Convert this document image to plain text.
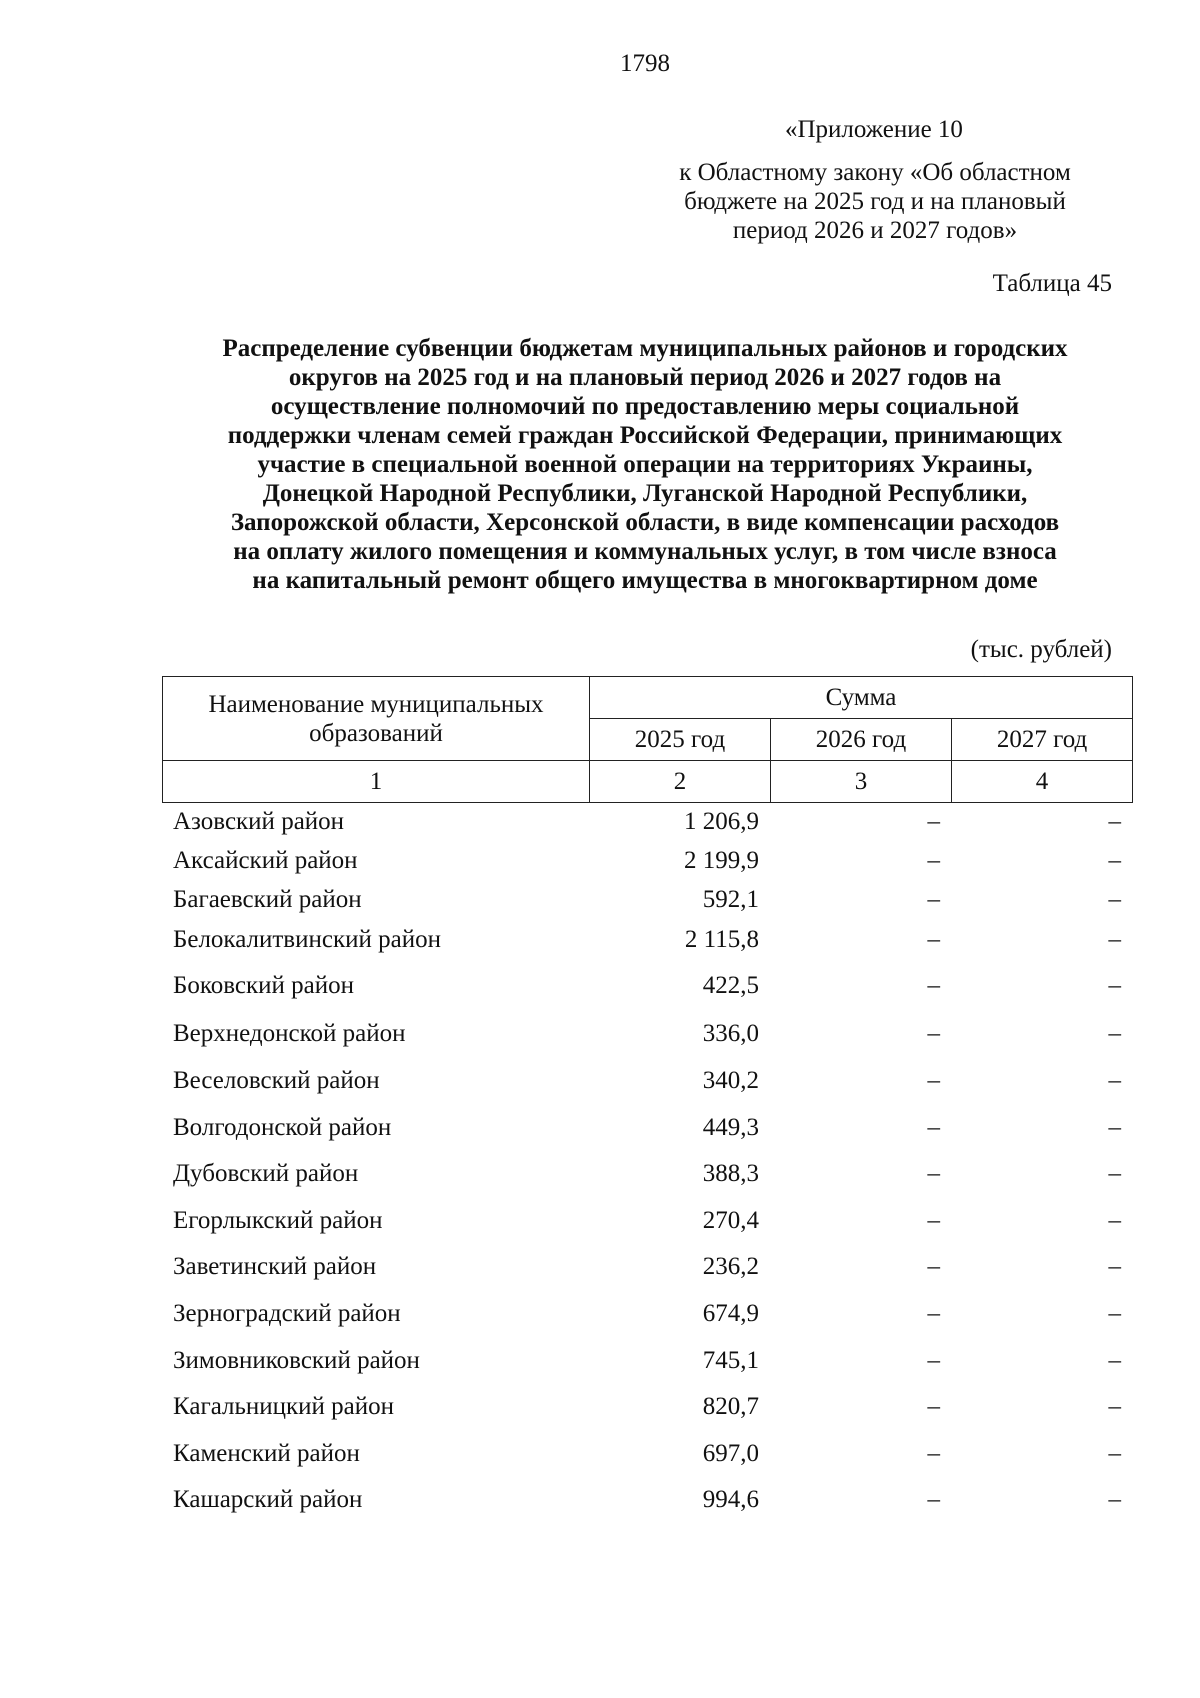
1798
«Приложение 10
к Областному закону «Об областном
бюджете на 2025 год и на плановый
период 2026 и 2027 годов»
Таблица 45
Распределение субвенции бюджетам муниципальных районов и городских
округов на 2025 год и на плановый период 2026 и 2027 годов на
осуществление полномочий по предоставлению меры социальной
поддержки членам семей граждан Российской Федерации, принимающих
участие в специальной военной операции на территориях Украины,
Донецкой Народной Республики, Луганской Народной Республики,
Запорожской области, Херсонской области, в виде компенсации расходов
на оплату жилого помещения и коммунальных услуг, в том числе взноса
на капитальный ремонт общего имущества в многоквартирном доме
(тыс. рублей)
Наименование муниципальных образований	Сумма		
	2025 год	2026 год	2027 год
1	2	3	4
Азовский район	1 206,9	–	–
Аксайский район	2 199,9	–	–
Багаевский район	592,1	–	–
Белокалитвинский район	2 115,8	–	–
Боковский район	422,5	–	–
Верхнедонской район	336,0	–	–
Веселовский район	340,2	–	–
Волгодонской район	449,3	–	–
Дубовский район	388,3	–	–
Егорлыкский район	270,4	–	–
Заветинский район	236,2	–	–
Зерноградский район	674,9	–	–
Зимовниковский район	745,1	–	–
Кагальницкий район	820,7	–	–
Каменский район	697,0	–	–
Кашарский район	994,6	–	–
